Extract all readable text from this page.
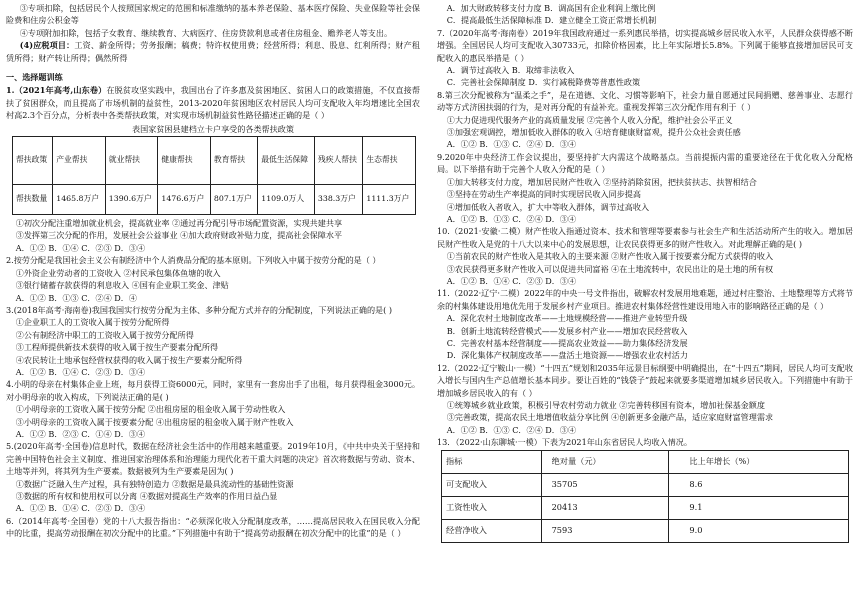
③专项扣除，包括居民个人按照国家规定的范围和标准缴纳的基本养老保险、基本医疗保险、失业保险等社会保险费和住房公积金等

④专项附加扣除，包括子女教育、继续教育、大病医疗、住房贷款利息或者住房租金、赡养老人等支出。

(4)应税项目：工资、薪金所得；劳务报酬；稿费；特许权使用费；经营所得；利息、股息、红利所得；财产租赁所得；财产转让所得；偶然所得

一、选择题训练

1.（2021年高考,山东卷）在脱贫攻坚实践中，我国出台了许多惠及贫困地区、贫困人口的政策措施，不仅直接帮扶了贫困群众，而且提高了市场机制的益贫性，2013-2020年贫困地区农村居民人均可支配收入年均增速比全国农村高2.3个百分点，分析表中各类帮扶政策，对实现市场机制益贫性路径描述正确的是（ ）

表国家贫困县建档立卡户享受的各类帮扶政策

帮扶政策	产业帮扶	就业帮扶	健康帮扶	教育帮扶	最低生活保障	残疾人帮扶	生态帮扶
帮扶数量	1465.8万户	1390.6万户	1476.6万户	807.1万户	1109.0万人	338.3万户	1111.3万户

①初次分配注重增加就业机会，提高就业率 ②通过再分配引导市场配置资源，实现共建共享

③发挥第三次分配的作用，发展社会公益事业 ④加大政府财政补贴力度，提高社会保障水平

A．①② B．①④ C．②③ D．③④

2.按劳分配是我国社会主义公有制经济中个人消费品分配的基本原则。下列收入中属于按劳分配的是（ ）

①外资企业劳动者的工资收入 ②村民承包集体鱼塘的收入

③银行储蓄存款获得的利息收入 ④国有企业职工奖金、津贴

A．①② B．①③ C．②④ D．④

3.(2018年高考·海南卷)我国我国实行按劳分配为主体、多种分配方式并存的分配制度，下列说法正确的是( )

①企业职工人的工资收入属于按劳分配所得

②公有制经济中职工的工资收入属于按劳分配所得

③工程师提供新技术获得的收入属于按生产要素分配所得

④农民转让土地承包经营权获得的收入属于按生产要素分配所得

A．①② B．①④ C．②③ D．③④

4.小明的母亲在村集体企业上班，每月获得工资6000元，同时，家里有一套房出手了出租，每月获得租金3000元。对小明母亲的收入构成，下列说法正确的是( )

①小明母亲的工资收入属于按劳分配 ②出租房屋的租金收入属于劳动性收入

③小明母亲的工资收入属于按要素分配 ④出租房屋的租金收入属于财产性收入

A．①② B．②③ C．①④ D．③④

5.(2020年高考·全国卷)信息时代，数据在经济社会生活中的作用越来越重要。2019年10月，《中共中央关于坚持和完善中国特色社会主义制度、推进国家治理体系和治理能力现代化若干重大问题的决定》首次将数据与劳动、资本、土地等并列，将其列为生产要素。数据被列为生产要素是因为( )

①数据广泛融入生产过程，具有独特创造力 ②数据是最具流动性的基础性资源

③数据的所有权和使用权可以分离 ④数据对提高生产效率的作用日益凸显

A．①② B．①④ C．②③ D．③④

6.（2014年高考·全国卷）党的十八大报告指出：“必须深化收入分配制度改革，……提高居民收入在国民收入分配中的比重，提高劳动报酬在初次分配中的比重。”下列措施中有助于“提高劳动报酬在初次分配中的比重”的是（ ）

A．加大财政转移支付力度 B．调高国有企业利润上缴比例

C．提高最低生活保障标准 D．建立健全工资正常增长机制

7.（2020年高考·海南卷）2019年我国政府通过一系列惠民举措，切实提高城乡居民收入水平，人民群众获得感不断增强。全国居民人均可支配收入30733元，扣除价格因素，比上年实际增长5.8%。下列属于能够直接增加居民可支配收入的惠民举措是（ ）

A．调节过高收入 B．取缔非法收入

C．完善社会保障制度 D．实行减税降费等普惠性政策

8.第三次分配被称为“温柔之手”，是在道德、文化、习惯等影响下，社会力量自愿通过民间捐赠、慈善事业、志愿行动等方式济困扶弱的行为，是对再分配的有益补充。重视发挥第三次分配作用有利于（ ）

①大力促进现代服务产业的高质量发展 ②完善个人收入分配，维护社会公平正义

③加强宏观调控，增加低收入群体的收入 ④培育健康财富观，提升公众社会责任感

A．①② B．①③ C．②④ D．③④

9.2020年中央经济工作会议提出，要坚持扩大内需这个战略基点。当前提振内需的重要途径在于优化收入分配格局。以下举措有助于完善个人收入分配的是（ ）

①加大转移支付力度，增加居民财产性收入 ②坚持消除贫困，把扶贫扶志、扶智相结合

③坚持在劳动生产率提高的同时实现居民收入同步提高

④增加低收入者收入，扩大中等收入群体，调节过高收入

A．①② B．①③ C．②④ D．③④

10.（2021·安徽·二模）财产性收入指通过资本、技术和管理等要素参与社会生产和生活活动所产生的收入。增加居民财产性收入是党的十八大以来中心的发展思想，让农民获得更多的财产性收入。对此理解正确的是( )

①当前农民的财产性收入是其收入的主要来源 ②财产性收入属于按要素分配方式获得的收入

③农民获得更多财产性收入可以促进共同富裕 ④在土地流转中，农民出让的是土地的所有权

A．①② B．①④ C．②③ D．③④

11.（2022·辽宁·二模）2022年的中央一号文件指出，破解农村发展用地难题，通过村庄整治、土地整理等方式将节余的村集体建设用地优先用于发展乡村产业项目。推进农村集体经营性建设用地入市的影响路径正确的是（ ）

A．深化农村土地制度改革——土地规模经营——推进产业转型升级

B．创新土地流转经营模式——发展乡村产业——增加农民经营收入

C．完善农村基本经营制度——提高农业效益——助力集体经济发展

D．深化集体产权制度改革——盘活土地资源——增强农业农村活力

12.（2022·辽宁鞍山·一模）“十四五”规划和2035年远景目标纲要中明确提出，在“十四五”期间，居民人均可支配收入增长与国内生产总值增长基本同步。要让百姓的“钱袋子”鼓起来就要多渠道增加城乡居民收入。下列措施中有助于增加城乡居民收入的有（ ）

①统筹城乡就业政策，积极引导农村劳动力就业 ②完善转移国有资本，增加社保基金额度

③完善政策，提高农民土地增值收益分享比例 ④创新更多金融产品，适应家庭财富管理需求

A．①② B．①③ C．②④ D．③④

13．（2022·山东聊城·一模）下表为2021年山东省居民人均收入情况。

指标	绝对量（元）	比上年增长（%）
可支配收入	35705	8.6
工资性收入	20413	9.1
经营净收入	7593	9.0
